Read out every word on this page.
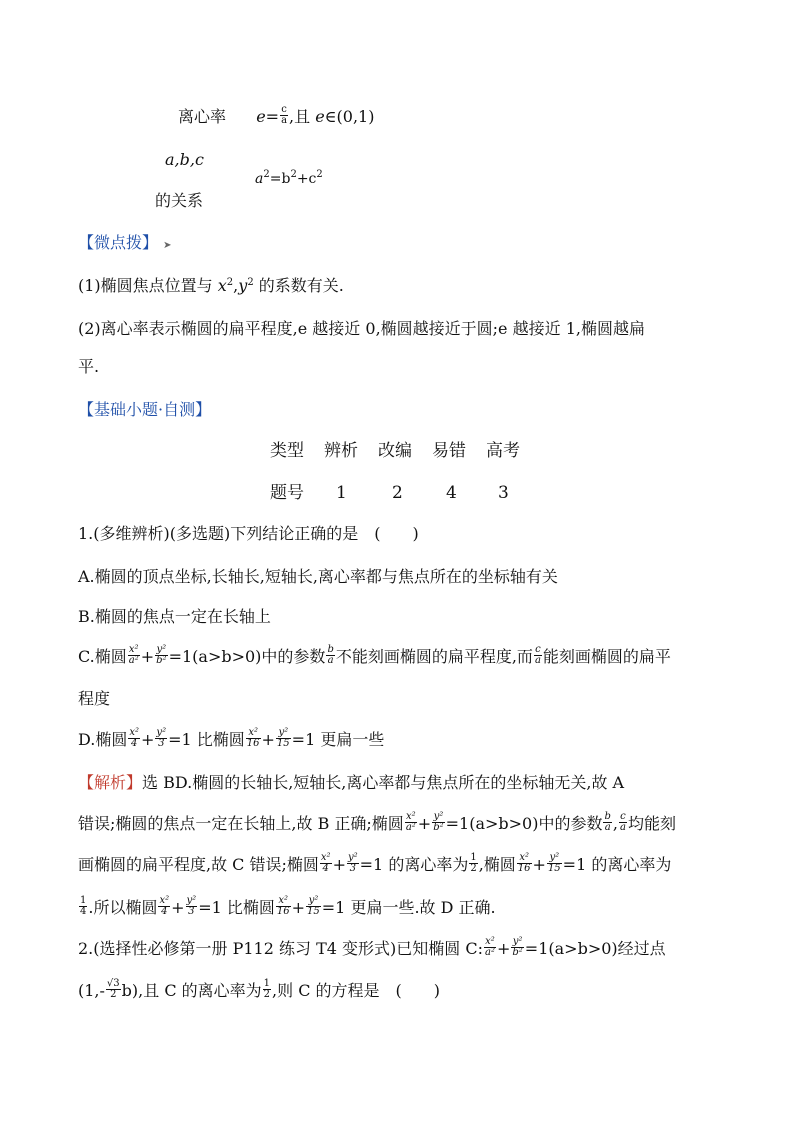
离心率 $e= \frac{c}{a}$ ,且 e∈(0,1)
a,b,c
$a^2=b^2+c^2$
的关系
【微点拨】 ➤
(1)椭圆焦点位置与 $x^2,y^2$ 的系数有关.
(2)离心率表示椭圆的扁平程度,e 越接近 0,椭圆越接近于圆;e 越接近 1,椭圆越扁
平.
【基础小题·自测】
类型 辨析 改编 易错 高考
题号 1	2	4 3
1.(多维辨析)(多选题)下列结论正确的是　(　　)
A.椭圆的顶点坐标,长轴长,短轴长,离心率都与焦点所在的坐标轴有关
B.椭圆的焦点一定在长轴上
C.椭圆 $\frac{\text{x²}}{\text{a²}} + \frac{\text{y²}}{\text{b²}} =1(a>b>0)$中的参数 $\frac{b}{a}$ 不能刻画椭圆的扁平程度,而 $\frac{c}{a}$ 能刻画椭圆的扁平
程度
D.椭圆 $\frac{\text{x²}}{4} + \frac{\text{y²}}{3} =1$ 比椭圆 $\frac{\text{x²}}{16} + \frac{\text{y²}}{15} =1$ 更扁一些
【解析】选 BD.椭圆的长轴长,短轴长,离心率都与焦点所在的坐标轴无关,故 A
错误;椭圆的焦点一定在长轴上,故 B 正确;椭圆 $\frac{\text{x²}}{\text{a²}} + \frac{\text{y²}}{\text{b²}} =1(a>b>0)$中的参数 $\frac{b}{a}$ , $\frac{c}{a}$ 均能刻
画椭圆的扁平程度,故 C 错误;椭圆 $\frac{\text{x²}}{4} + \frac{\text{y²}}{3} =1$ 的离心率为 $\frac{1}{2}$ ,椭圆 $\frac{\text{x²}}{16} + \frac{\text{y²}}{15} =1$ 的离心率为
$\frac{1}{4}$ .所以椭圆 $\frac{\text{x²}}{4} + \frac{\text{y²}}{3} =1$ 比椭圆 $\frac{\text{x²}}{16} + \frac{\text{y²}}{15} =1$ 更扁一些.故 D 正确.
2.(选择性必修第一册 P112 练习 T4 变形式)已知椭圆 C: $\frac{\text{x²}}{\text{a²}} + \frac{\text{y²}}{\text{b²}} =1(a>b>0)$经过点
$(1,- \frac{√3}{2} b)$,且 C 的离心率为 $\frac{1}{2}$ ,则 C 的方程是　(　　)
